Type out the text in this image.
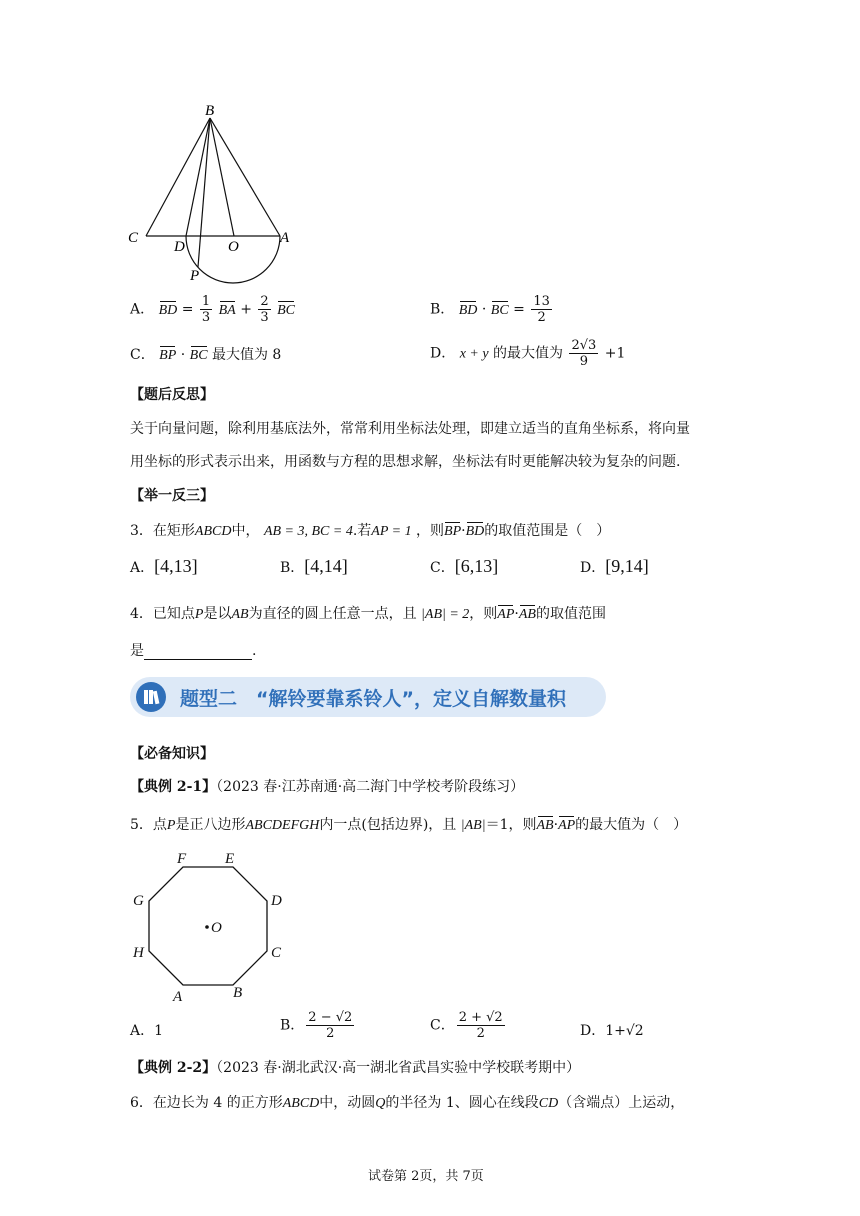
B
C
D	O
A
P
A． BD = $\frac{1}{3}$ BA + $\frac{2}{3}$ BC	B． BD · BC = $\frac{13}{2}$
C． BP · BC 最大值为 8	D． x + y 的最大值为 $\frac{2√3}{9} +1$
【题后反思】
关于向量问题，除利用基底法外，常常利用坐标法处理，即建立适当的直角坐标系，将向量
用坐标的形式表示出来，用函数与方程的思想求解，坐标法有时更能解决较为复杂的问题.
【举一反三】
3．在矩形ABCD中， AB = 3, BC = 4.若AP = 1 ，则BP·BD的取值范围是（　）
A．[4,13]	B．[4,14]	C．[6,13]	D．[9,14]
4．已知点P是以AB为直径的圆上任意一点，且 |AB| = 2，则AP·AB的取值范围
是	.
题型二　“解铃要靠系铃人”，定义自解数量积
【必备知识】
【典例 2-1】（2023 春·江苏南通·高二海门中学校考阶段练习）
5．点P是正八边形ABCDEFGH内一点(包括边界)，且 |AB|＝1，则AB·AP的最大值为（　）
F	E
G	D
O
H	C
A	B
A．1	B． $\frac{2 - √2}{2}$	C． $\frac{2 + √2}{2}$	D．1+√2
【典例 2-2】（2023 春·湖北武汉·高一湖北省武昌实验中学校联考期中）
6．在边长为 4 的正方形ABCD中，动圆Q的半径为 1、圆心在线段CD（含端点）上运动，
试卷第 2页，共 7页
